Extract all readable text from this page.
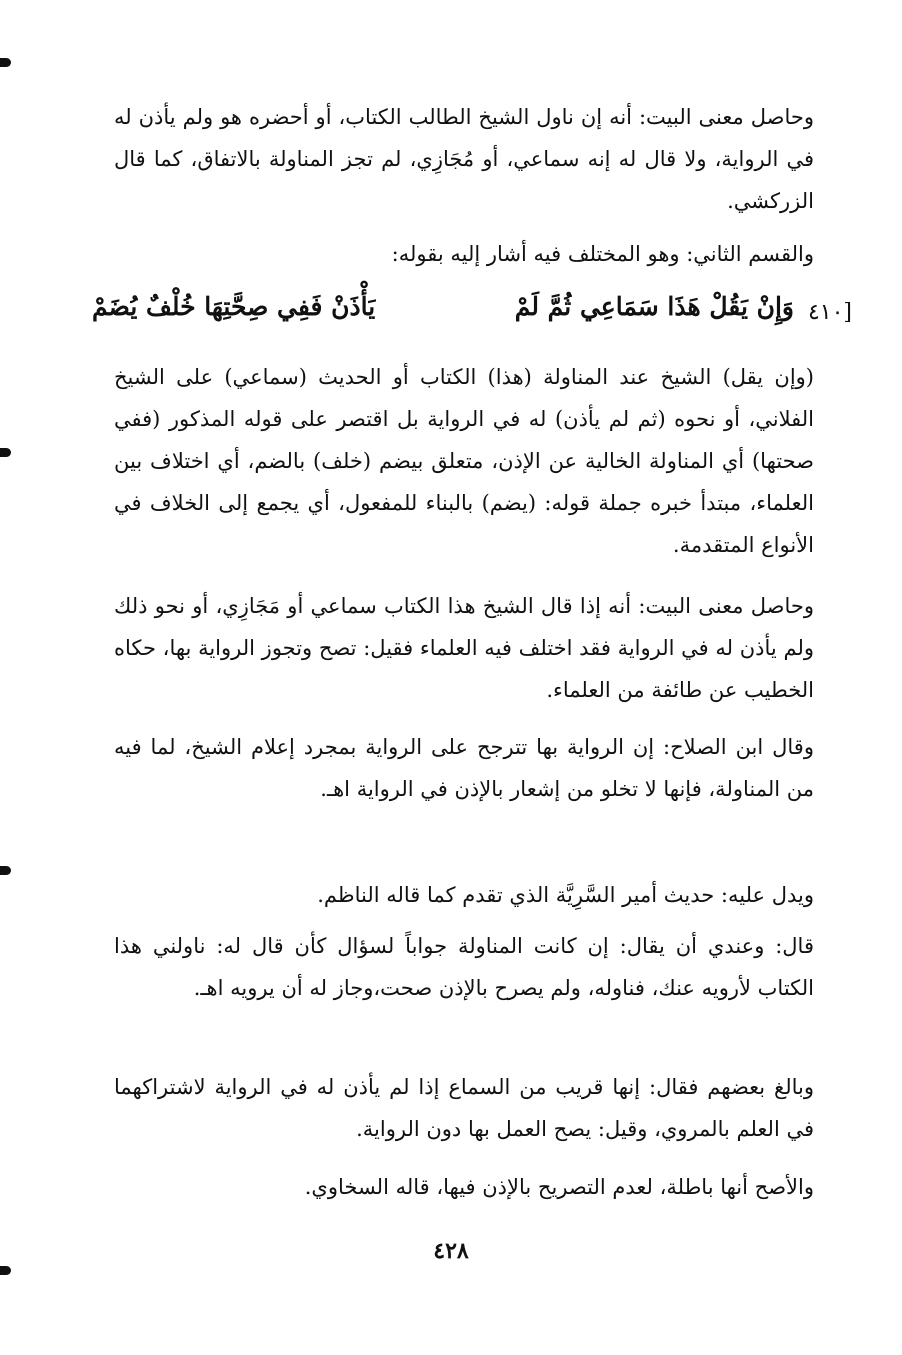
وحاصل معنى البيت: أنه إن ناول الشيخ الطالب الكتاب، أو أحضره هو ولم يأذن له في الرواية، ولا قال له إنه سماعي، أو مُجَازِي، لم تجز المناولة بالاتفاق، كما قال الزركشي.

والقسم الثاني: وهو المختلف فيه أشار إليه بقوله:

[٤١٠
وَإِنْ يَقُلْ هَذَا سَمَاعِي ثُمَّ لَمْ
يَأْذَنْ فَفِي صِحَّتِهَا خُلْفٌ يُضَمْ

(وإن يقل) الشيخ عند المناولة (هذا) الكتاب أو الحديث (سماعي) على الشيخ الفلاني، أو نحوه (ثم لم يأذن) له في الرواية بل اقتصر على قوله المذكور (ففي صحتها) أي المناولة الخالية عن الإذن، متعلق بيضم (خلف) بالضم، أي اختلاف بين العلماء، مبتدأ خبره جملة قوله: (يضم) بالبناء للمفعول، أي يجمع إلى الخلاف في الأنواع المتقدمة.

وحاصل معنى البيت: أنه إذا قال الشيخ هذا الكتاب سماعي أو مَجَازِي، أو نحو ذلك ولم يأذن له في الرواية فقد اختلف فيه العلماء فقيل: تصح وتجوز الرواية بها، حكاه الخطيب عن طائفة من العلماء.

وقال ابن الصلاح: إن الرواية بها تترجح على الرواية بمجرد إعلام الشيخ، لما فيه من المناولة، فإنها لا تخلو من إشعار بالإذن في الرواية اهـ.

ويدل عليه: حديث أمير السَّرِيَّة الذي تقدم كما قاله الناظم.

قال: وعندي أن يقال: إن كانت المناولة جواباً لسؤال كأن قال له: ناولني هذا الكتاب لأرويه عنك، فناوله، ولم يصرح بالإذن صحت،وجاز له أن يرويه اهـ.

وبالغ بعضهم فقال: إنها قريب من السماع إذا لم يأذن له في الرواية لاشتراكهما في العلم بالمروي، وقيل: يصح العمل بها دون الرواية.

والأصح أنها باطلة، لعدم التصريح بالإذن فيها، قاله السخاوي.

٤٢٨
